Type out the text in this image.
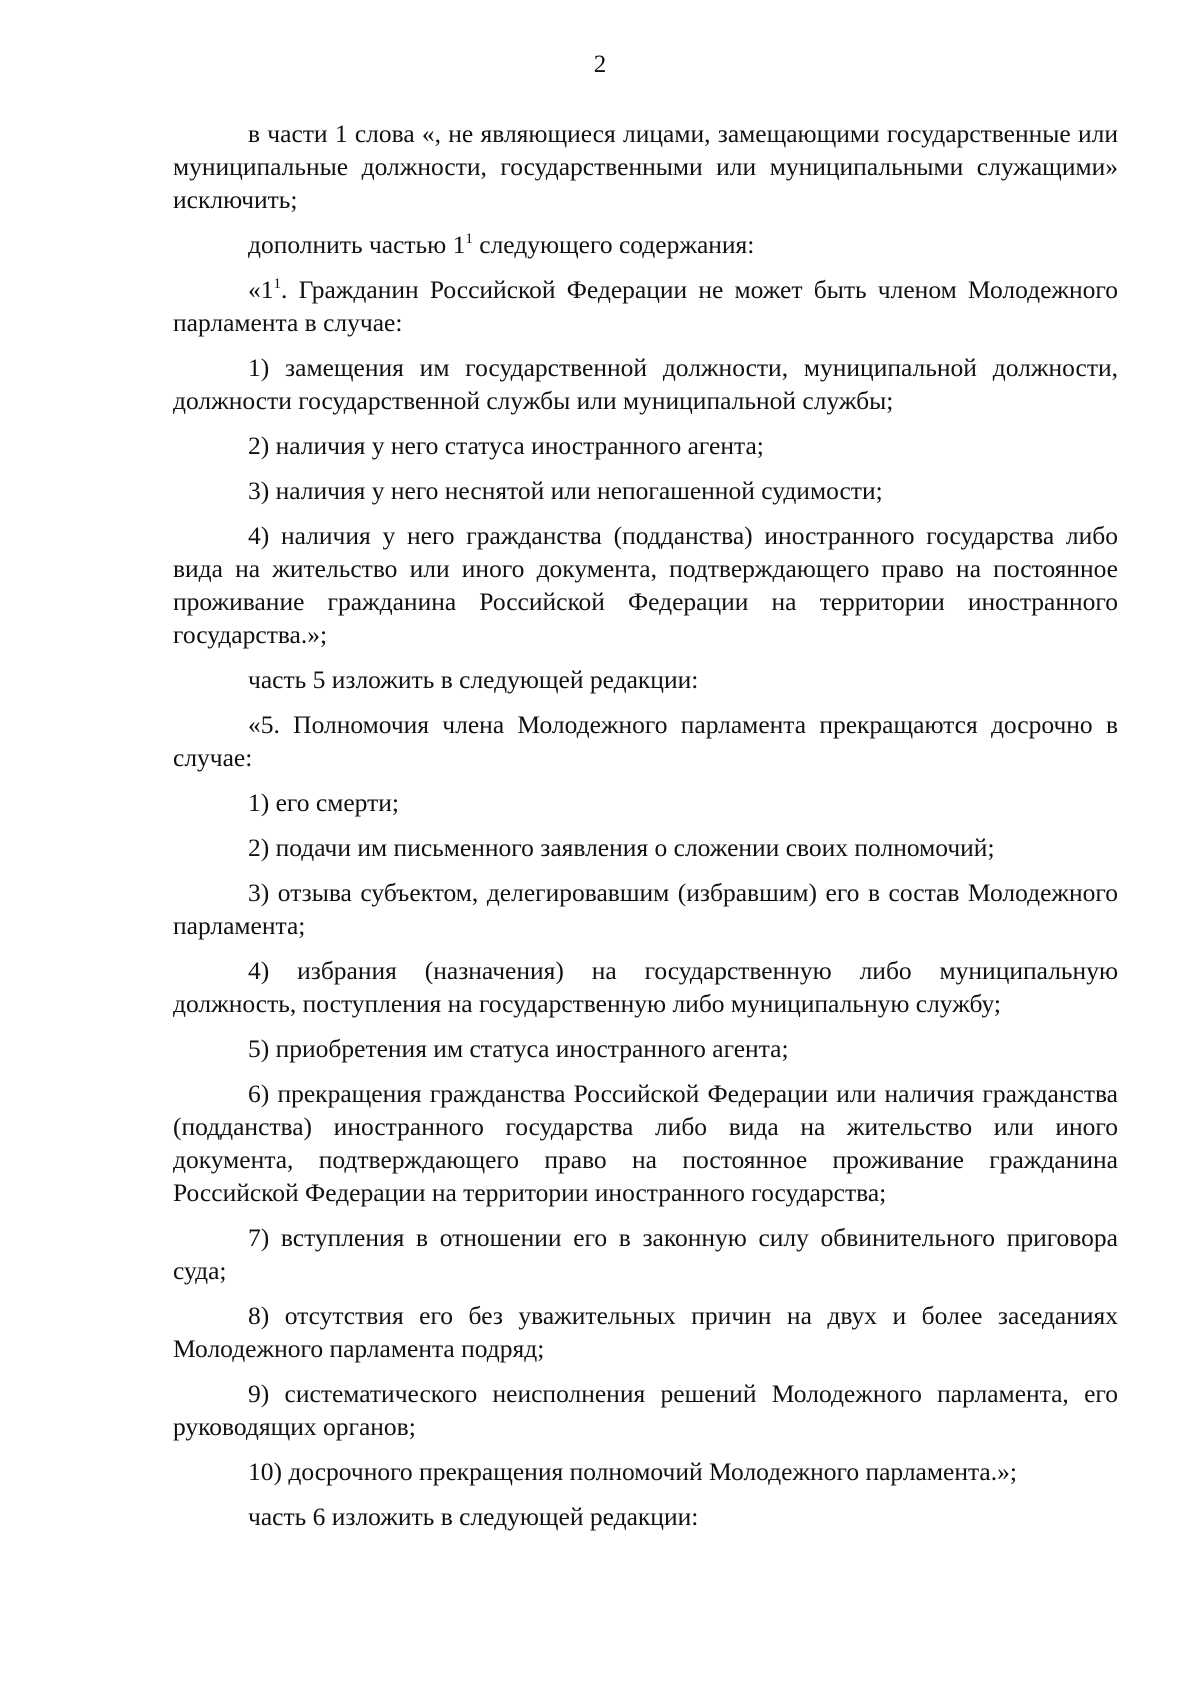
2

в части 1 слова «, не являющиеся лицами, замещающими государственные или муниципальные должности, государственными или муниципальными служащими» исключить;

дополнить частью $1^1$ следующего содержания:

«$1^1$. Гражданин Российской Федерации не может быть членом Молодежного парламента в случае:

1) замещения им государственной должности, муниципальной должности, должности государственной службы или муниципальной службы;

2) наличия у него статуса иностранного агента;

3) наличия у него неснятой или непогашенной судимости;

4) наличия у него гражданства (подданства) иностранного государства либо вида на жительство или иного документа, подтверждающего право на постоянное проживание гражданина Российской Федерации на территории иностранного государства.»;

часть 5 изложить в следующей редакции:

«5. Полномочия члена Молодежного парламента прекращаются досрочно в случае:

1) его смерти;

2) подачи им письменного заявления о сложении своих полномочий;

3) отзыва субъектом, делегировавшим (избравшим) его в состав Молодежного парламента;

4) избрания (назначения) на государственную либо муниципальную должность, поступления на государственную либо муниципальную службу;

5) приобретения им статуса иностранного агента;

6) прекращения гражданства Российской Федерации или наличия гражданства (подданства) иностранного государства либо вида на жительство или иного документа, подтверждающего право на постоянное проживание гражданина Российской Федерации на территории иностранного государства;

7) вступления в отношении его в законную силу обвинительного приговора суда;

8) отсутствия его без уважительных причин на двух и более заседаниях Молодежного парламента подряд;

9) систематического неисполнения решений Молодежного парламента, его руководящих органов;

10) досрочного прекращения полномочий Молодежного парламента.»;

часть 6 изложить в следующей редакции:
